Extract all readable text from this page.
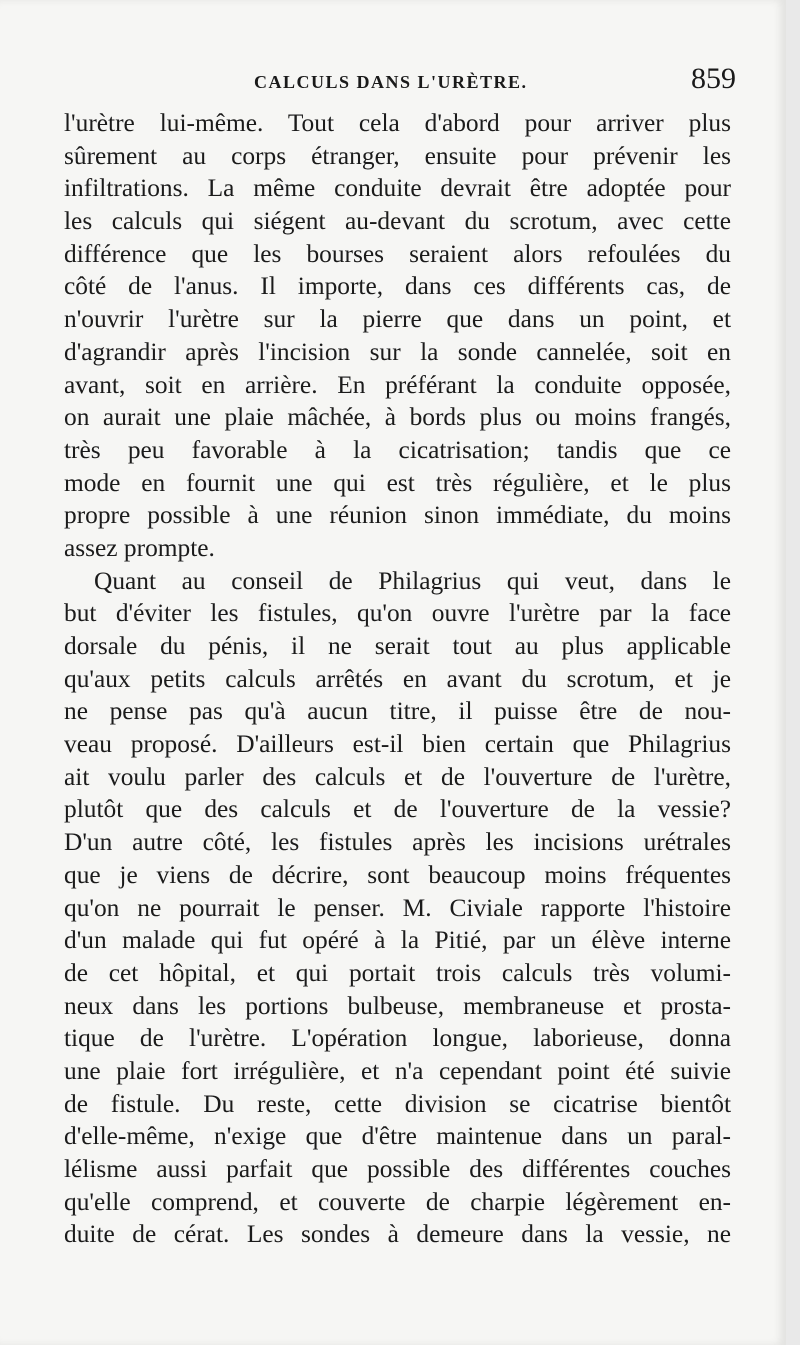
CALCULS DANS L'URÈTRE.	859
l'urètre lui-même. Tout cela d'abord pour arriver plus
sûrement au corps étranger, ensuite pour prévenir les
infiltrations. La même conduite devrait être adoptée pour
les calculs qui siégent au-devant du scrotum, avec cette
différence que les bourses seraient alors refoulées du
côté de l'anus. Il importe, dans ces différents cas, de
n'ouvrir l'urètre sur la pierre que dans un point, et
d'agrandir après l'incision sur la sonde cannelée, soit en
avant, soit en arrière. En préférant la conduite opposée,
on aurait une plaie mâchée, à bords plus ou moins frangés,
très peu favorable à la cicatrisation; tandis que ce
mode en fournit une qui est très régulière, et le plus
propre possible à une réunion sinon immédiate, du moins
assez prompte.
Quant au conseil de Philagrius qui veut, dans le
but d'éviter les fistules, qu'on ouvre l'urètre par la face
dorsale du pénis, il ne serait tout au plus applicable
qu'aux petits calculs arrêtés en avant du scrotum, et je
ne pense pas qu'à aucun titre, il puisse être de nou-
veau proposé. D'ailleurs est-il bien certain que Philagrius
ait voulu parler des calculs et de l'ouverture de l'urètre,
plutôt que des calculs et de l'ouverture de la vessie?
D'un autre côté, les fistules après les incisions urétrales
que je viens de décrire, sont beaucoup moins fréquentes
qu'on ne pourrait le penser. M. Civiale rapporte l'histoire
d'un malade qui fut opéré à la Pitié, par un élève interne
de cet hôpital, et qui portait trois calculs très volumi-
neux dans les portions bulbeuse, membraneuse et prosta-
tique de l'urètre. L'opération longue, laborieuse, donna
une plaie fort irrégulière, et n'a cependant point été suivie
de fistule. Du reste, cette division se cicatrise bientôt
d'elle-même, n'exige que d'être maintenue dans un paral-
lélisme aussi parfait que possible des différentes couches
qu'elle comprend, et couverte de charpie légèrement en-
duite de cérat. Les sondes à demeure dans la vessie, ne
